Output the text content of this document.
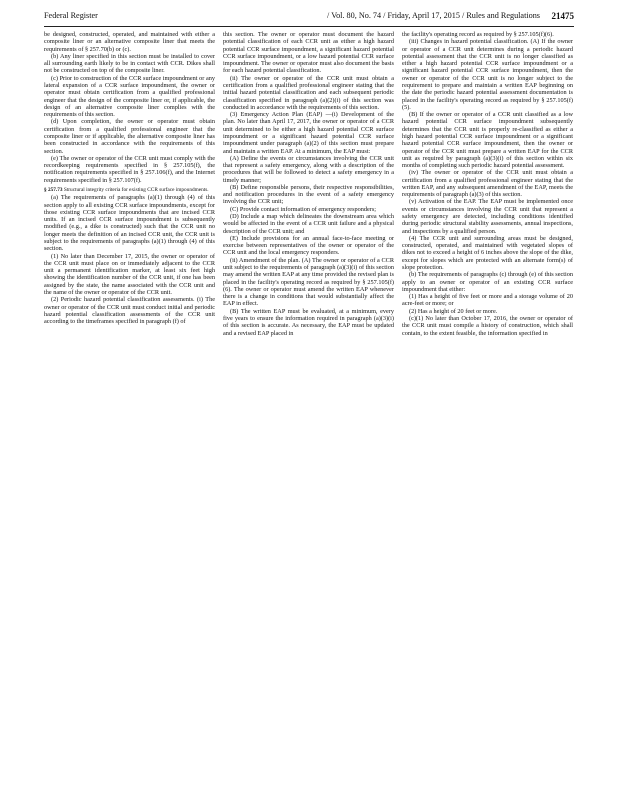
Federal Register	/ Vol. 80, No. 74 / Friday, April 17, 2015 / Rules and Regulations 21475

be designed, constructed, operated, and maintained with either a composite liner or an alternative composite liner that meets the requirements of § 257.70(b) or (c).

(b) Any liner specified in this section must be installed to cover all surrounding earth likely to be in contact with CCR. Dikes shall not be constructed on top of the composite liner.

(c) Prior to construction of the CCR surface impoundment or any lateral expansion of a CCR surface impoundment, the owner or operator must obtain certification from a qualified professional engineer that the design of the composite liner or, if applicable, the design of an alternative composite liner complies with the requirements of this section.

(d) Upon completion, the owner or operator must obtain certification from a qualified professional engineer that the composite liner or if applicable, the alternative composite liner has been constructed in accordance with the requirements of this section.

(e) The owner or operator of the CCR unit must comply with the recordkeeping requirements specified in § 257.105(f), the notification requirements specified in § 257.106(f), and the Internet requirements specified in § 257.107(f).

§ 257.73 Structural integrity criteria for existing CCR surface impoundments.

(a) The requirements of paragraphs (a)(1) through (4) of this section apply to all existing CCR surface impoundments, except for those existing CCR surface impoundments that are incised CCR units. If an incised CCR surface impoundment is subsequently modified (e.g., a dike is constructed) such that the CCR unit no longer meets the definition of an incised CCR unit, the CCR unit is subject to the requirements of paragraphs (a)(1) through (4) of this section.

(1) No later than December 17, 2015, the owner or operator of the CCR unit must place on or immediately adjacent to the CCR unit a permanent identification marker, at least six feet high showing the identification number of the CCR unit, if one has been assigned by the state, the name associated with the CCR unit and the name of the owner or operator of the CCR unit.

(2) Periodic hazard potential classification assessments. (i) The owner or operator of the CCR unit must conduct initial and periodic hazard potential classification assessments of the CCR unit according to the timeframes specified in paragraph (f) of

this section. The owner or operator must document the hazard potential classification of each CCR unit as either a high hazard potential CCR surface impoundment, a significant hazard potential CCR surface impoundment, or a low hazard potential CCR surface impoundment. The owner or operator must also document the basis for each hazard potential classification.

(ii) The owner or operator of the CCR unit must obtain a certification from a qualified professional engineer stating that the initial hazard potential classification and each subsequent periodic classification specified in paragraph (a)(2)(i) of this section was conducted in accordance with the requirements of this section.

(3) Emergency Action Plan (EAP) —(i) Development of the plan. No later than April 17, 2017, the owner or operator of a CCR unit determined to be either a high hazard potential CCR surface impoundment or a significant hazard potential CCR surface impoundment under paragraph (a)(2) of this section must prepare and maintain a written EAP. At a minimum, the EAP must:

(A) Define the events or circumstances involving the CCR unit that represent a safety emergency, along with a description of the procedures that will be followed to detect a safety emergency in a timely manner;

(B) Define responsible persons, their respective responsibilities, and notification procedures in the event of a safety emergency involving the CCR unit;

(C) Provide contact information of emergency responders;

(D) Include a map which delineates the downstream area which would be affected in the event of a CCR unit failure and a physical description of the CCR unit; and

(E) Include provisions for an annual face-to-face meeting or exercise between representatives of the owner or operator of the CCR unit and the local emergency responders.

(ii) Amendment of the plan. (A) The owner or operator of a CCR unit subject to the requirements of paragraph (a)(3)(i) of this section may amend the written EAP at any time provided the revised plan is placed in the facility's operating record as required by § 257.105(f)(6). The owner or operator must amend the written EAP whenever there is a change in conditions that would substantially affect the EAP in effect.

(B) The written EAP must be evaluated, at a minimum, every five years to ensure the information required in paragraph (a)(3)(i) of this section is accurate. As necessary, the EAP must be updated and a revised EAP placed in

the facility's operating record as required by § 257.105(f)(6).

(iii) Changes in hazard potential classification. (A) If the owner or operator of a CCR unit determines during a periodic hazard potential assessment that the CCR unit is no longer classified as either a high hazard potential CCR surface impoundment or a significant hazard potential CCR surface impoundment, then the owner or operator of the CCR unit is no longer subject to the requirement to prepare and maintain a written EAP beginning on the date the periodic hazard potential assessment documentation is placed in the facility's operating record as required by § 257.105(f)(5).

(B) If the owner or operator of a CCR unit classified as a low hazard potential CCR surface impoundment subsequently determines that the CCR unit is properly re-classified as either a high hazard potential CCR surface impoundment or a significant hazard potential CCR surface impoundment, then the owner or operator of the CCR unit must prepare a written EAP for the CCR unit as required by paragraph (a)(3)(i) of this section within six months of completing such periodic hazard potential assessment.

(iv) The owner or operator of the CCR unit must obtain a certification from a qualified professional engineer stating that the written EAP, and any subsequent amendment of the EAP, meets the requirements of paragraph (a)(3) of this section.

(v) Activation of the EAP. The EAP must be implemented once events or circumstances involving the CCR unit that represent a safety emergency are detected, including conditions identified during periodic structural stability assessments, annual inspections, and inspections by a qualified person.

(4) The CCR unit and surrounding areas must be designed, constructed, operated, and maintained with vegetated slopes of dikes not to exceed a height of 6 inches above the slope of the dike, except for slopes which are protected with an alternate form(s) of slope protection.

(b) The requirements of paragraphs (c) through (e) of this section apply to an owner or operator of an existing CCR surface impoundment that either:

(1) Has a height of five feet or more and a storage volume of 20 acre-feet or more; or

(2) Has a height of 20 feet or more.

(c)(1) No later than October 17, 2016, the owner or operator of the CCR unit must compile a history of construction, which shall contain, to the extent feasible, the information specified in
